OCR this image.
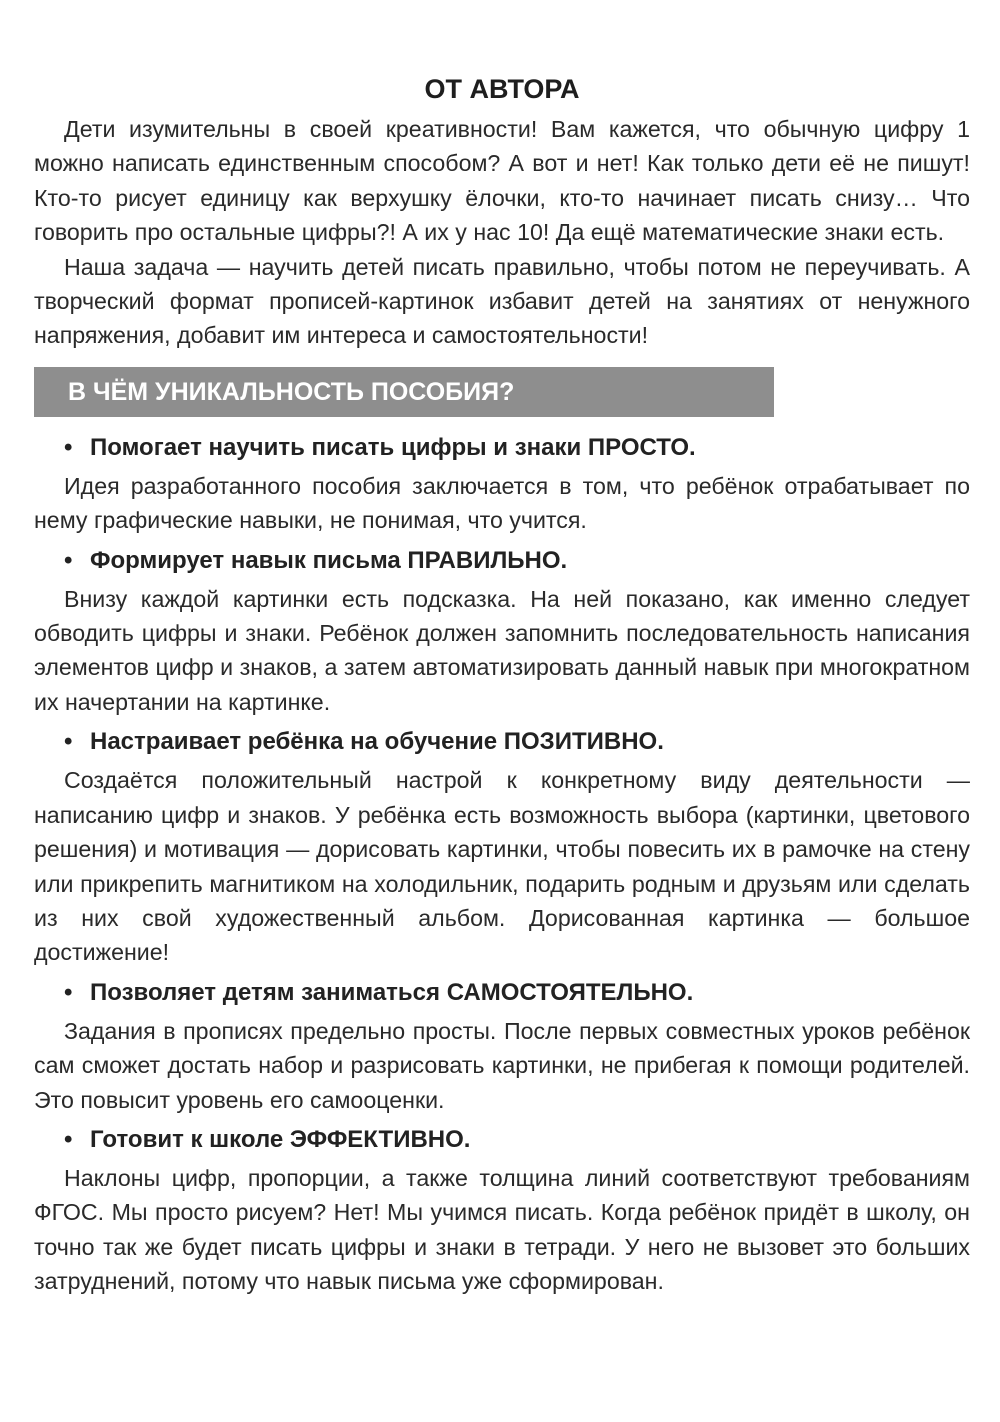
ОТ АВТОРА

Дети изумительны в своей креативности! Вам кажется, что обычную цифру 1 можно написать единственным способом? А вот и нет! Как только дети её не пишут! Кто-то рисует единицу как верхушку ёлочки, кто-то начинает писать снизу… Что говорить про остальные цифры?! А их у нас 10! Да ещё математические знаки есть.

Наша задача — научить детей писать правильно, чтобы потом не переучивать. А творческий формат прописей-картинок избавит детей на занятиях от ненужного напряжения, добавит им интереса и самостоятельности!

В ЧЁМ УНИКАЛЬНОСТЬ ПОСОБИЯ?
• Помогает научить писать цифры и знаки ПРОСТО.

Идея разработанного пособия заключается в том, что ребёнок отрабатывает по нему графические навыки, не понимая, что учится.

• Формирует навык письма ПРАВИЛЬНО.

Внизу каждой картинки есть подсказка. На ней показано, как именно следует обводить цифры и знаки. Ребёнок должен запомнить последовательность написания элементов цифр и знаков, а затем автоматизировать данный навык при многократном их начертании на картинке.

• Настраивает ребёнка на обучение ПОЗИТИВНО.

Создаётся положительный настрой к конкретному виду деятельности — написанию цифр и знаков. У ребёнка есть возможность выбора (картинки, цветового решения) и мотивация — дорисовать картинки, чтобы повесить их в рамочке на стену или прикрепить магнитиком на холодильник, подарить родным и друзьям или сделать из них свой художественный альбом. Дорисованная картинка — большое достижение!

• Позволяет детям заниматься САМОСТОЯТЕЛЬНО.

Задания в прописях предельно просты. После первых совместных уроков ребёнок сам сможет достать набор и разрисовать картинки, не прибегая к помощи родителей. Это повысит уровень его самооценки.

• Готовит к школе ЭФФЕКТИВНО.

Наклоны цифр, пропорции, а также толщина линий соответствуют требованиям ФГОС. Мы просто рисуем? Нет! Мы учимся писать. Когда ребёнок придёт в школу, он точно так же будет писать цифры и знаки в тетради. У него не вызовет это больших затруднений, потому что навык письма уже сформирован.
